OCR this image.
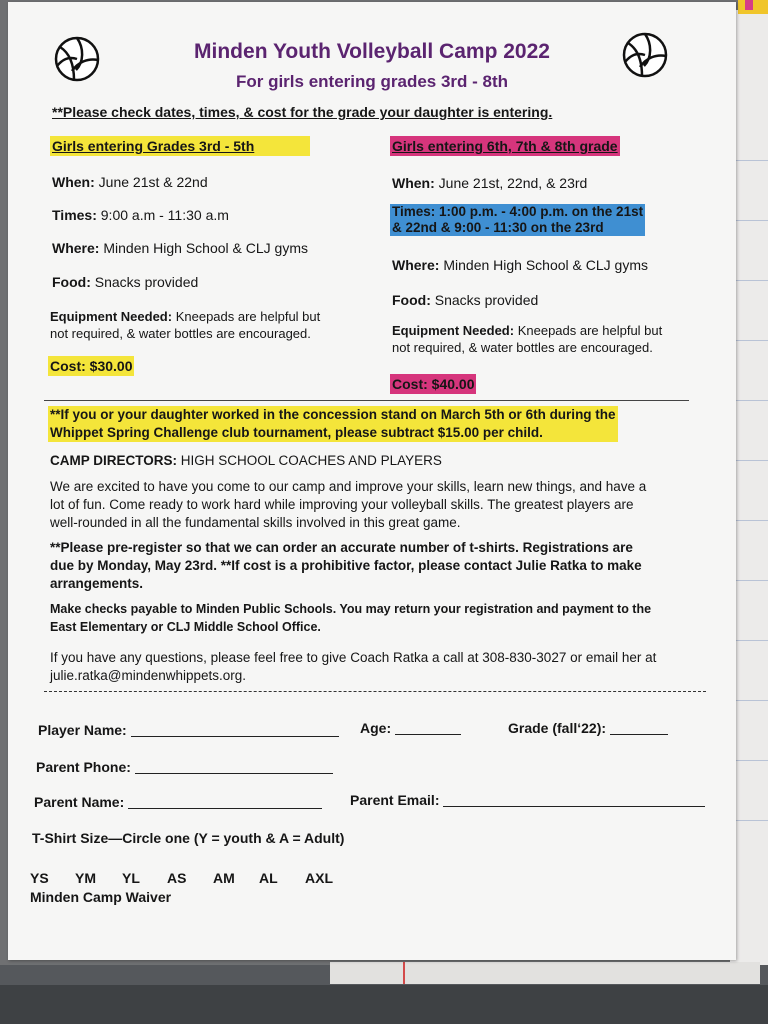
Minden Youth Volleyball Camp 2022
For girls entering grades 3rd - 8th
**Please check dates, times, & cost for the grade your daughter is entering.
Girls entering Grades 3rd - 5th
When: June 21st & 22nd
Times: 9:00 a.m - 11:30 a.m
Where: Minden High School & CLJ gyms
Food: Snacks provided
Equipment Needed: Kneepads are helpful but
not required, & water bottles are encouraged.
Cost: $30.00
Girls entering 6th, 7th & 8th grade
When: June 21st, 22nd, & 23rd
Times: 1:00 p.m. - 4:00 p.m. on the 21st
& 22nd & 9:00 - 11:30 on the 23rd
Where: Minden High School & CLJ gyms
Food: Snacks provided
Equipment Needed: Kneepads are helpful but
not required, & water bottles are encouraged.
Cost: $40.00
**If you or your daughter worked in the concession stand on March 5th or 6th during the
Whippet Spring Challenge club tournament, please subtract $15.00 per child.
CAMP DIRECTORS: HIGH SCHOOL COACHES AND PLAYERS
We are excited to have you come to our camp and improve your skills, learn new things, and have a
lot of fun. Come ready to work hard while improving your volleyball skills. The greatest players are
well-rounded in all the fundamental skills involved in this great game.
**Please pre-register so that we can order an accurate number of t-shirts. Registrations are
due by Monday, May 23rd. **If cost is a prohibitive factor, please contact Julie Ratka to make
arrangements.
Make checks payable to Minden Public Schools. You may return your registration and payment to the
East Elementary or CLJ Middle School Office.
If you have any questions, please feel free to give Coach Ratka a call at 308-830-3027 or email her at
julie.ratka@mindenwhippets.org.
Player Name:	Age:	Grade (fall‘22):
Parent Phone:
Parent Name:	Parent Email:
T-Shirt Size—Circle one (Y = youth & A = Adult)
YS YM YL AS AM AL AXL
Minden Camp Waiver
